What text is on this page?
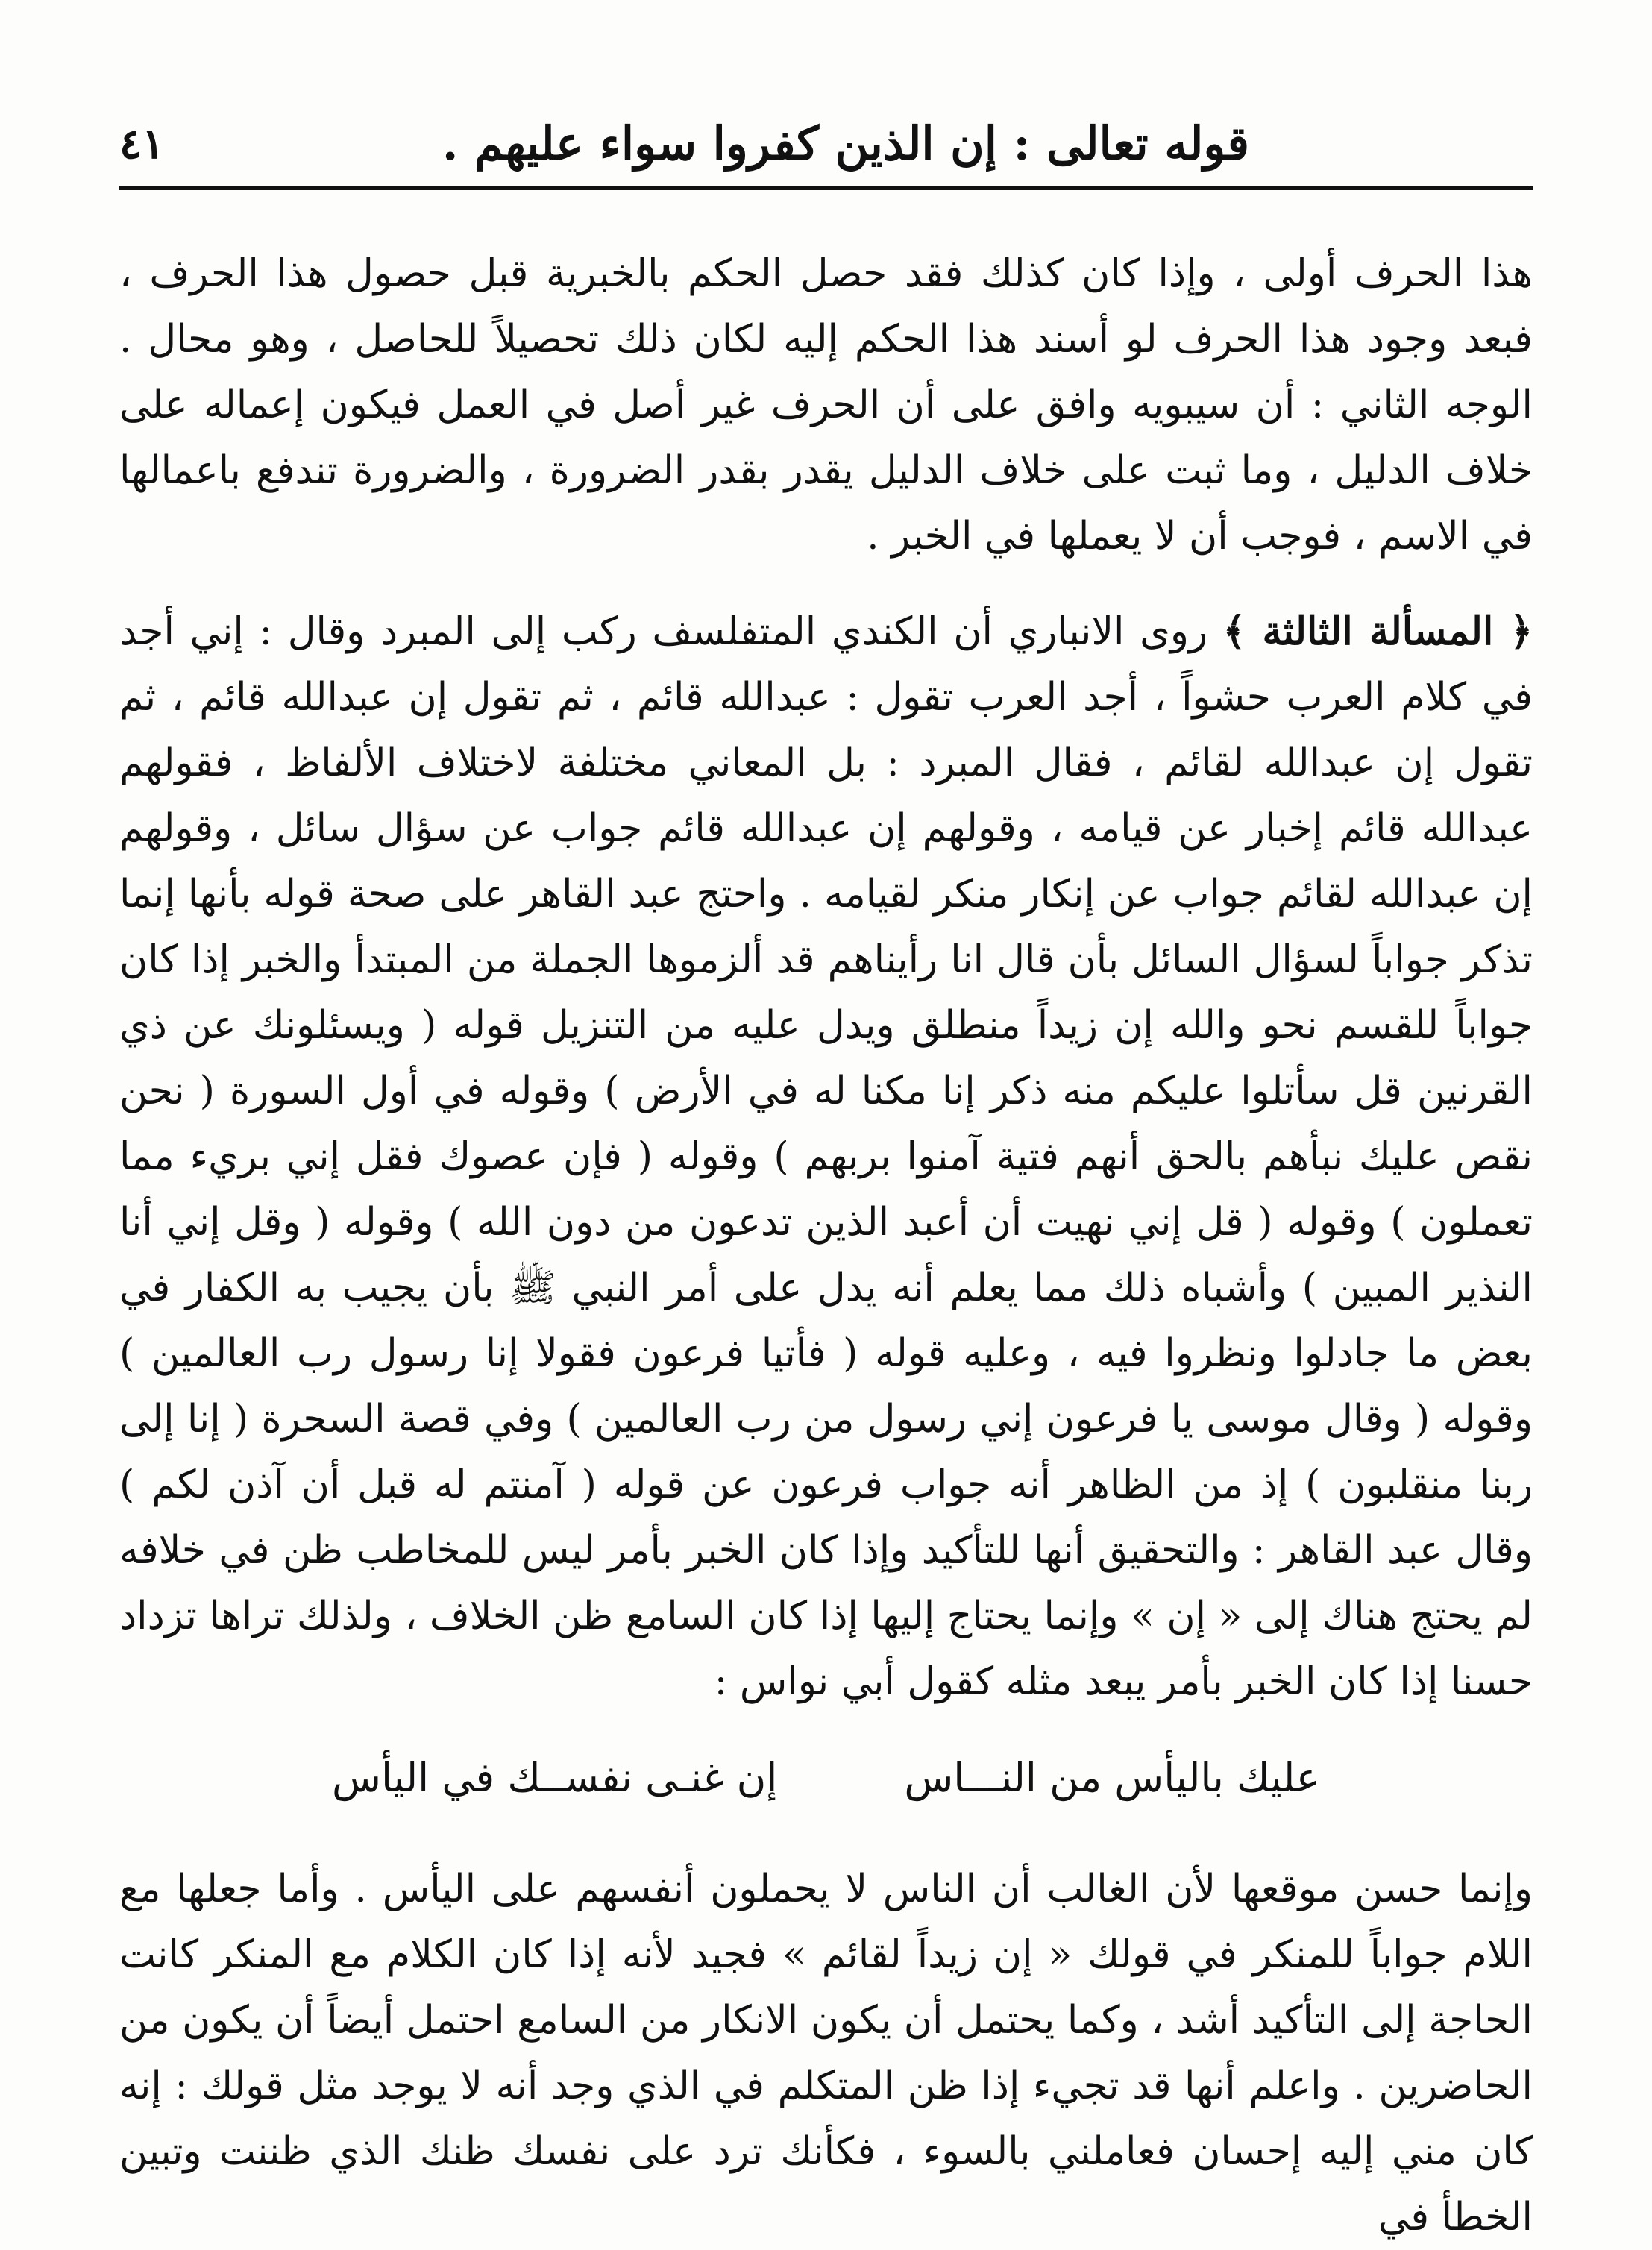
قوله تعالى : إن الذين كفروا سواء عليهم .
٤١

هذا الحرف أولى ، وإذا كان كذلك فقد حصل الحكم بالخبرية قبل حصول هذا الحرف ، فبعد وجود هذا الحرف لو أسند هذا الحكم إليه لكان ذلك تحصيلاً للحاصل ، وهو محال . الوجه الثاني : أن سيبويه وافق على أن الحرف غير أصل في العمل فيكون إعماله على خلاف الدليل ، وما ثبت على خلاف الدليل يقدر بقدر الضرورة ، والضرورة تندفع باعمالها في الاسم ، فوجب أن لا يعملها في الخبر .

﴿ المسألة الثالثة ﴾ روى الانباري أن الكندي المتفلسف ركب إلى المبرد وقال : إني أجد في كلام العرب حشواً ، أجد العرب تقول : عبدالله قائم ، ثم تقول إن عبدالله قائم ، ثم تقول إن عبدالله لقائم ، فقال المبرد : بل المعاني مختلفة لاختلاف الألفاظ ، فقولهم عبدالله قائم إخبار عن قيامه ، وقولهم إن عبدالله قائم جواب عن سؤال سائل ، وقولهم إن عبدالله لقائم جواب عن إنكار منكر لقيامه . واحتج عبد القاهر على صحة قوله بأنها إنما تذكر جواباً لسؤال السائل بأن قال انا رأيناهم قد ألزموها الجملة من المبتدأ والخبر إذا كان جواباً للقسم نحو والله إن زيداً منطلق ويدل عليه من التنزيل قوله ( ويسئلونك عن ذي القرنين قل سأتلوا عليكم منه ذكر إنا مكنا له في الأرض ) وقوله في أول السورة ( نحن نقص عليك نبأهم بالحق أنهم فتية آمنوا بربهم ) وقوله ( فإن عصوك فقل إني بريء مما تعملون ) وقوله ( قل إني نهيت أن أعبد الذين تدعون من دون الله ) وقوله ( وقل إني أنا النذير المبين ) وأشباه ذلك مما يعلم أنه يدل على أمر النبي ﷺ بأن يجيب به الكفار في بعض ما جادلوا ونظروا فيه ، وعليه قوله ( فأتيا فرعون فقولا إنا رسول رب العالمين ) وقوله ( وقال موسى يا فرعون إني رسول من رب العالمين ) وفي قصة السحرة ( إنا إلى ربنا منقلبون ) إذ من الظاهر أنه جواب فرعون عن قوله ( آمنتم له قبل أن آذن لكم ) وقال عبد القاهر : والتحقيق أنها للتأكيد وإذا كان الخبر بأمر ليس للمخاطب ظن في خلافه لم يحتج هناك إلى « إن » وإنما يحتاج إليها إذا كان السامع ظن الخلاف ، ولذلك تراها تزداد حسنا إذا كان الخبر بأمر يبعد مثله كقول أبي نواس :

عليك باليأس من النـــاس
إن غنـى نفســك في اليأس

وإنما حسن موقعها لأن الغالب أن الناس لا يحملون أنفسهم على اليأس . وأما جعلها مع اللام جواباً للمنكر في قولك « إن زيداً لقائم » فجيد لأنه إذا كان الكلام مع المنكر كانت الحاجة إلى التأكيد أشد ، وكما يحتمل أن يكون الانكار من السامع احتمل أيضاً أن يكون من الحاضرين . واعلم أنها قد تجيء إذا ظن المتكلم في الذي وجد أنه لا يوجد مثل قولك : إنه كان مني إليه إحسان فعاملني بالسوء ، فكأنك ترد على نفسك ظنك الذي ظننت وتبين الخطأ في
